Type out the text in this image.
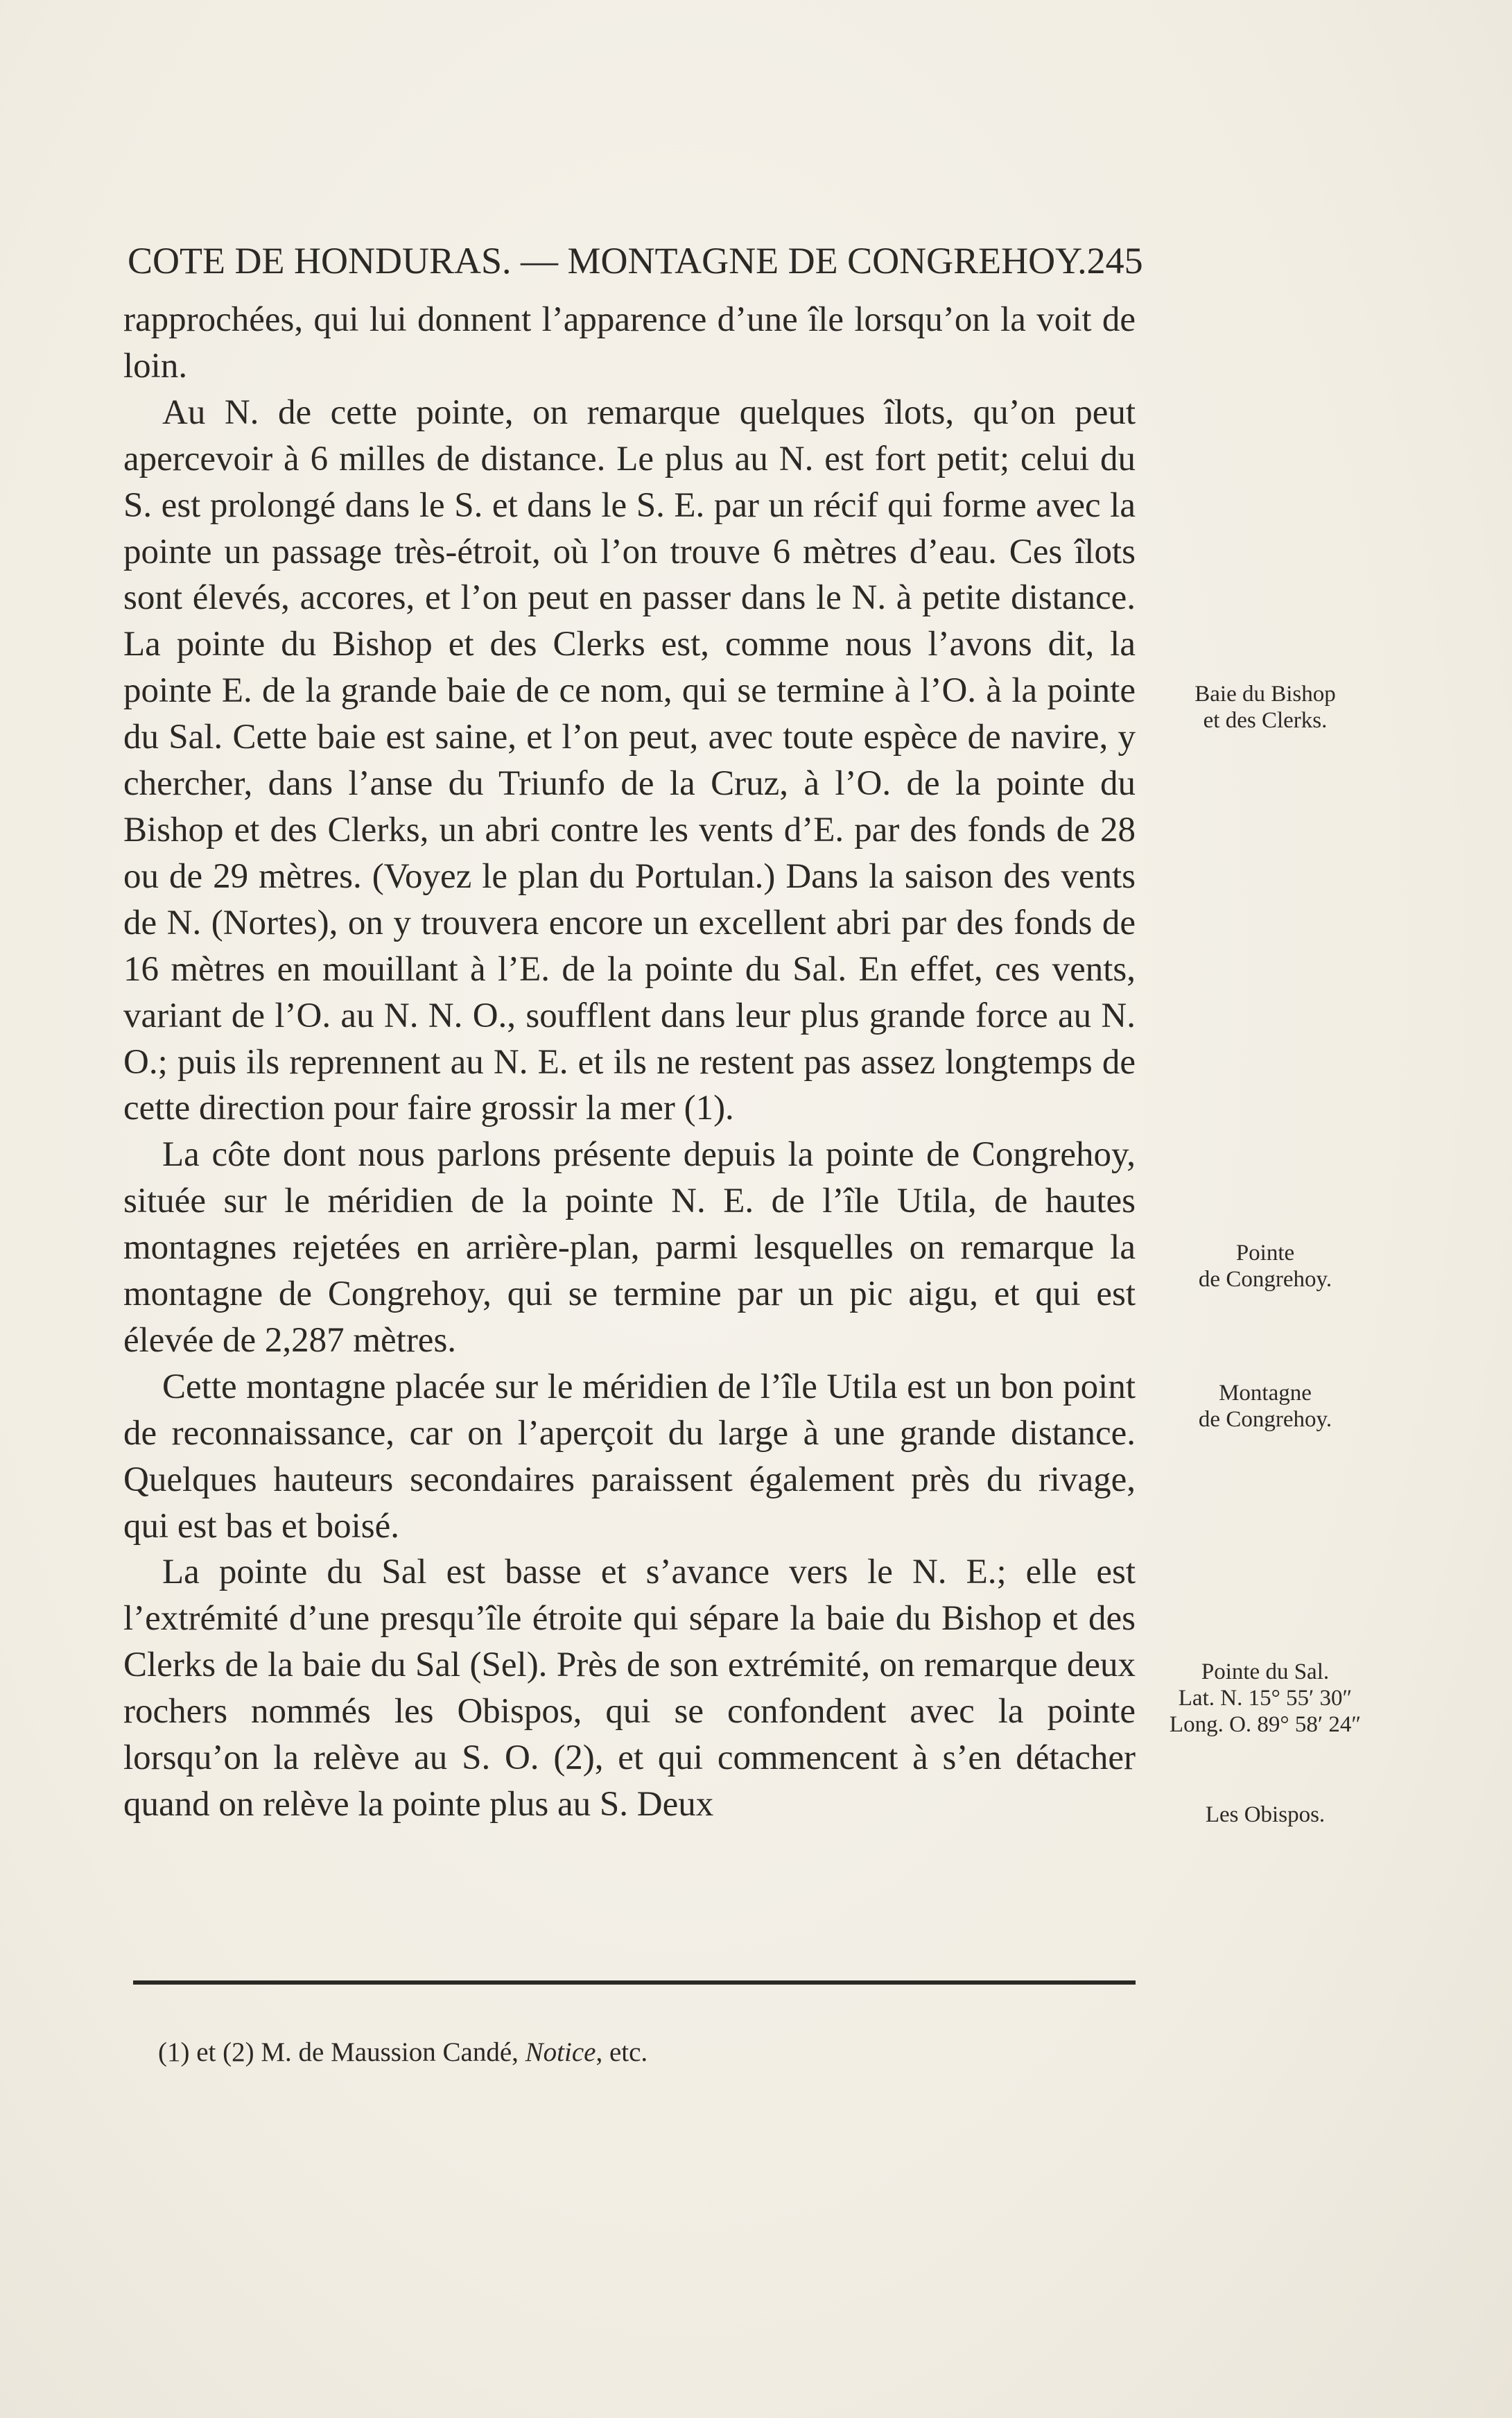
COTE DE HONDURAS. — MONTAGNE DE CONGREHOY. 245

rapprochées, qui lui donnent l’apparence d’une île lorsqu’on la voit de loin.

Au N. de cette pointe, on remarque quelques îlots, qu’on peut apercevoir à 6 milles de distance. Le plus au N. est fort petit; celui du S. est prolongé dans le S. et dans le S. E. par un récif qui forme avec la pointe un passage très-étroit, où l’on trouve 6 mètres d’eau. Ces îlots sont élevés, accores, et l’on peut en passer dans le N. à petite distance. La pointe du Bishop et des Clerks est, comme nous l’avons dit, la pointe E. de la grande baie de ce nom, qui se termine à l’O. à la pointe du Sal. Cette baie est saine, et l’on peut, avec toute espèce de navire, y chercher, dans l’anse du Triunfo de la Cruz, à l’O. de la pointe du Bishop et des Clerks, un abri contre les vents d’E. par des fonds de 28 ou de 29 mètres. (Voyez le plan du Portulan.) Dans la saison des vents de N. (Nortes), on y trouvera encore un excellent abri par des fonds de 16 mètres en mouillant à l’E. de la pointe du Sal. En effet, ces vents, variant de l’O. au N. N. O., soufflent dans leur plus grande force au N. O.; puis ils reprennent au N. E. et ils ne restent pas assez longtemps de cette direction pour faire grossir la mer (1).

La côte dont nous parlons présente depuis la pointe de Congrehoy, située sur le méridien de la pointe N. E. de l’île Utila, de hautes montagnes rejetées en arrière-plan, parmi lesquelles on remarque la montagne de Congrehoy, qui se termine par un pic aigu, et qui est élevée de 2,287 mètres.

Cette montagne placée sur le méridien de l’île Utila est un bon point de reconnaissance, car on l’aperçoit du large à une grande distance. Quelques hauteurs secondaires paraissent également près du rivage, qui est bas et boisé.

La pointe du Sal est basse et s’avance vers le N. E.; elle est l’extrémité d’une presqu’île étroite qui sépare la baie du Bishop et des Clerks de la baie du Sal (Sel). Près de son extrémité, on remarque deux rochers nommés les Obispos, qui se confondent avec la pointe lorsqu’on la relève au S. O. (2), et qui commencent à s’en détacher quand on relève la pointe plus au S. Deux

Baie du Bishop
et des Clerks.
Pointe
de Congrehoy.
Montagne
de Congrehoy.
Pointe du Sal.
Lat. N. 15° 55′ 30″
Long. O. 89° 58′ 24″
Les Obispos.
(1) et (2) M. de Maussion Candé, Notice, etc.
